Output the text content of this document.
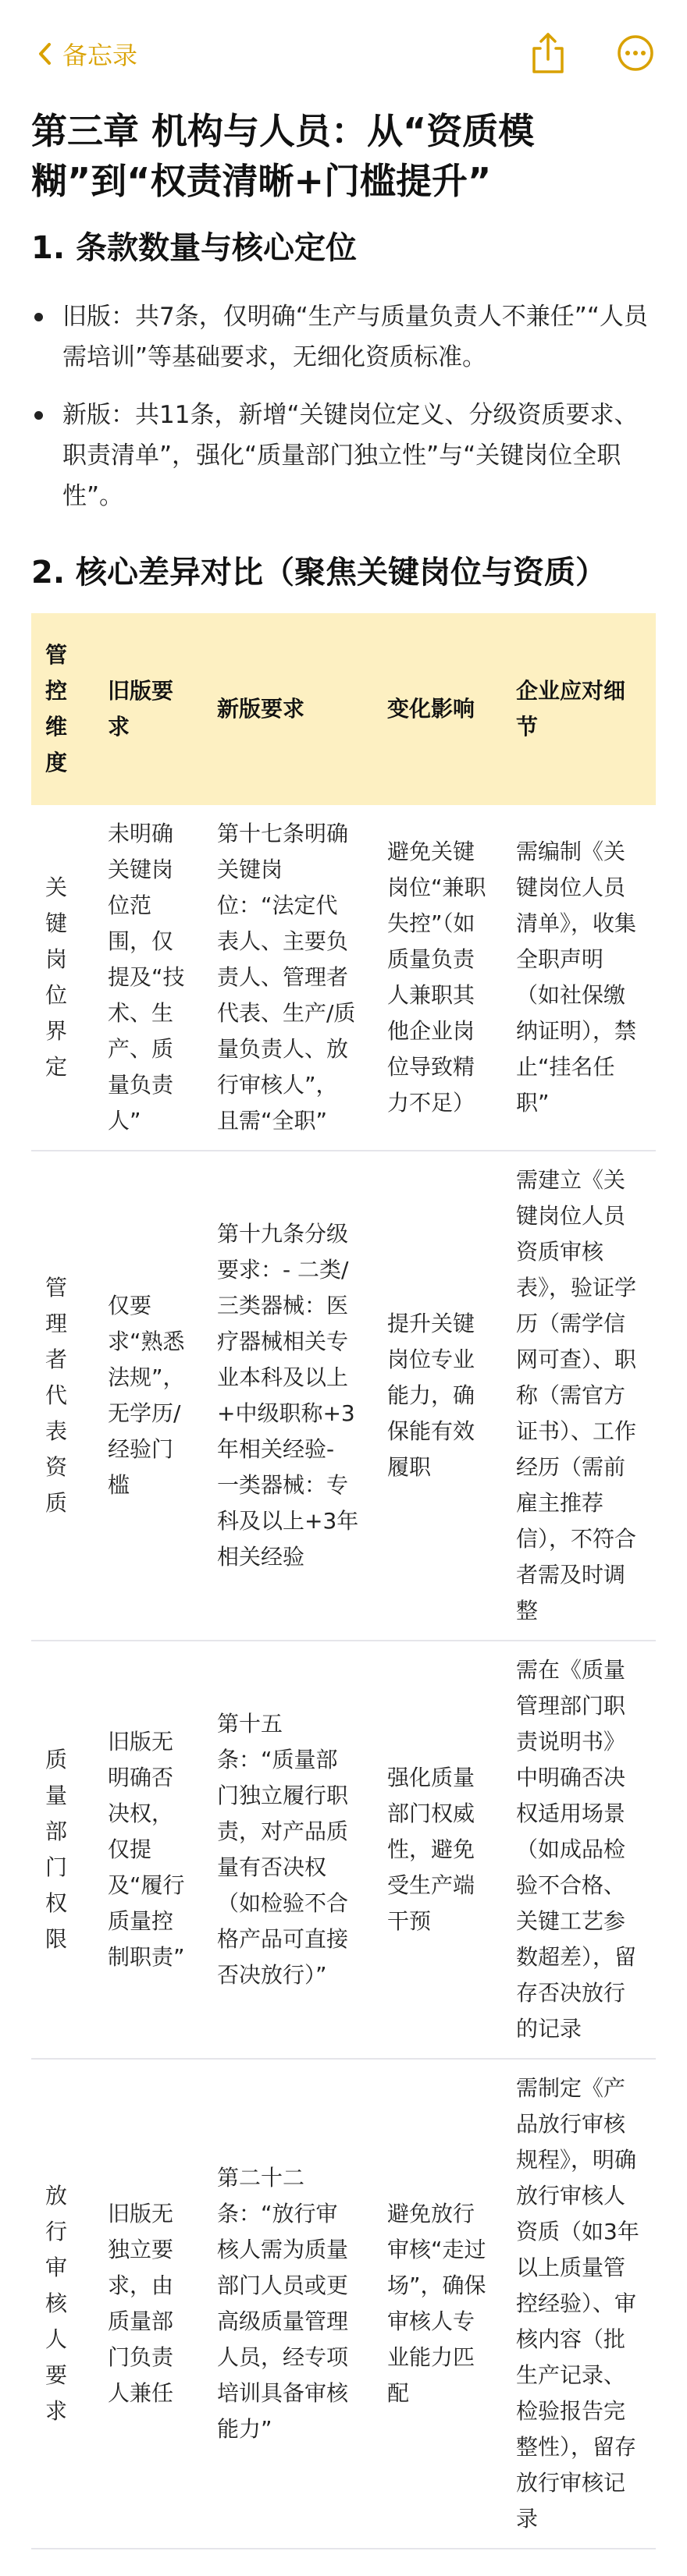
备忘录
第三章 机构与人员：从“资质模糊”到“权责清晰+门槛提升”
1. 条款数量与核心定位
旧版：共7条，仅明确“生产与质量负责人不兼任”“人员需培训”等基础要求，无细化资质标准。
新版：共11条，新增“关键岗位定义、分级资质要求、职责清单”，强化“质量部门独立性”与“关键岗位全职性”。
2. 核心差异对比（聚焦关键岗位与资质）
管控维度	旧版要求	新版要求	变化影响	企业应对细节
关键岗位界定	未明确关键岗位范围，仅提及“技术、生产、质量负责人”	第十七条明确关键岗位：“法定代表人、主要负责人、管理者代表、生产/质量负责人、放行审核人”，且需“全职”	避免关键岗位“兼职失控”（如质量负责人兼职其他企业岗位导致精力不足）	需编制《关键岗位人员清单》，收集全职声明（如社保缴纳证明），禁止“挂名任职”
管理者代表资质	仅要求“熟悉法规”，无学历/经验门槛	第十九条分级要求：- 二类/三类器械：医疗器械相关专业本科及以上+中级职称+3年相关经验- 一类器械：专科及以上+3年相关经验	提升关键岗位专业能力，确保能有效履职	需建立《关键岗位人员资质审核表》，验证学历（需学信网可查）、职称（需官方证书）、工作经历（需前雇主推荐信），不符合者需及时调整
质量部门权限	旧版无明确否决权，仅提及“履行质量控制职责”	第十五条：“质量部门独立履行职责，对产品质量有否决权（如检验不合格产品可直接否决放行）”	强化质量部门权威性，避免受生产端干预	需在《质量管理部门职责说明书》中明确否决权适用场景（如成品检验不合格、关键工艺参数超差），留存否决放行的记录
放行审核人要求	旧版无独立要求，由质量部门负责人兼任	第二十二条：“放行审核人需为质量部门人员或更高级质量管理人员，经专项培训具备审核能力”	避免放行审核“走过场”，确保审核人专业能力匹配	需制定《产品放行审核规程》，明确放行审核人资质（如3年以上质量管控经验）、审核内容（批生产记录、检验报告完整性），留存放行审核记录
